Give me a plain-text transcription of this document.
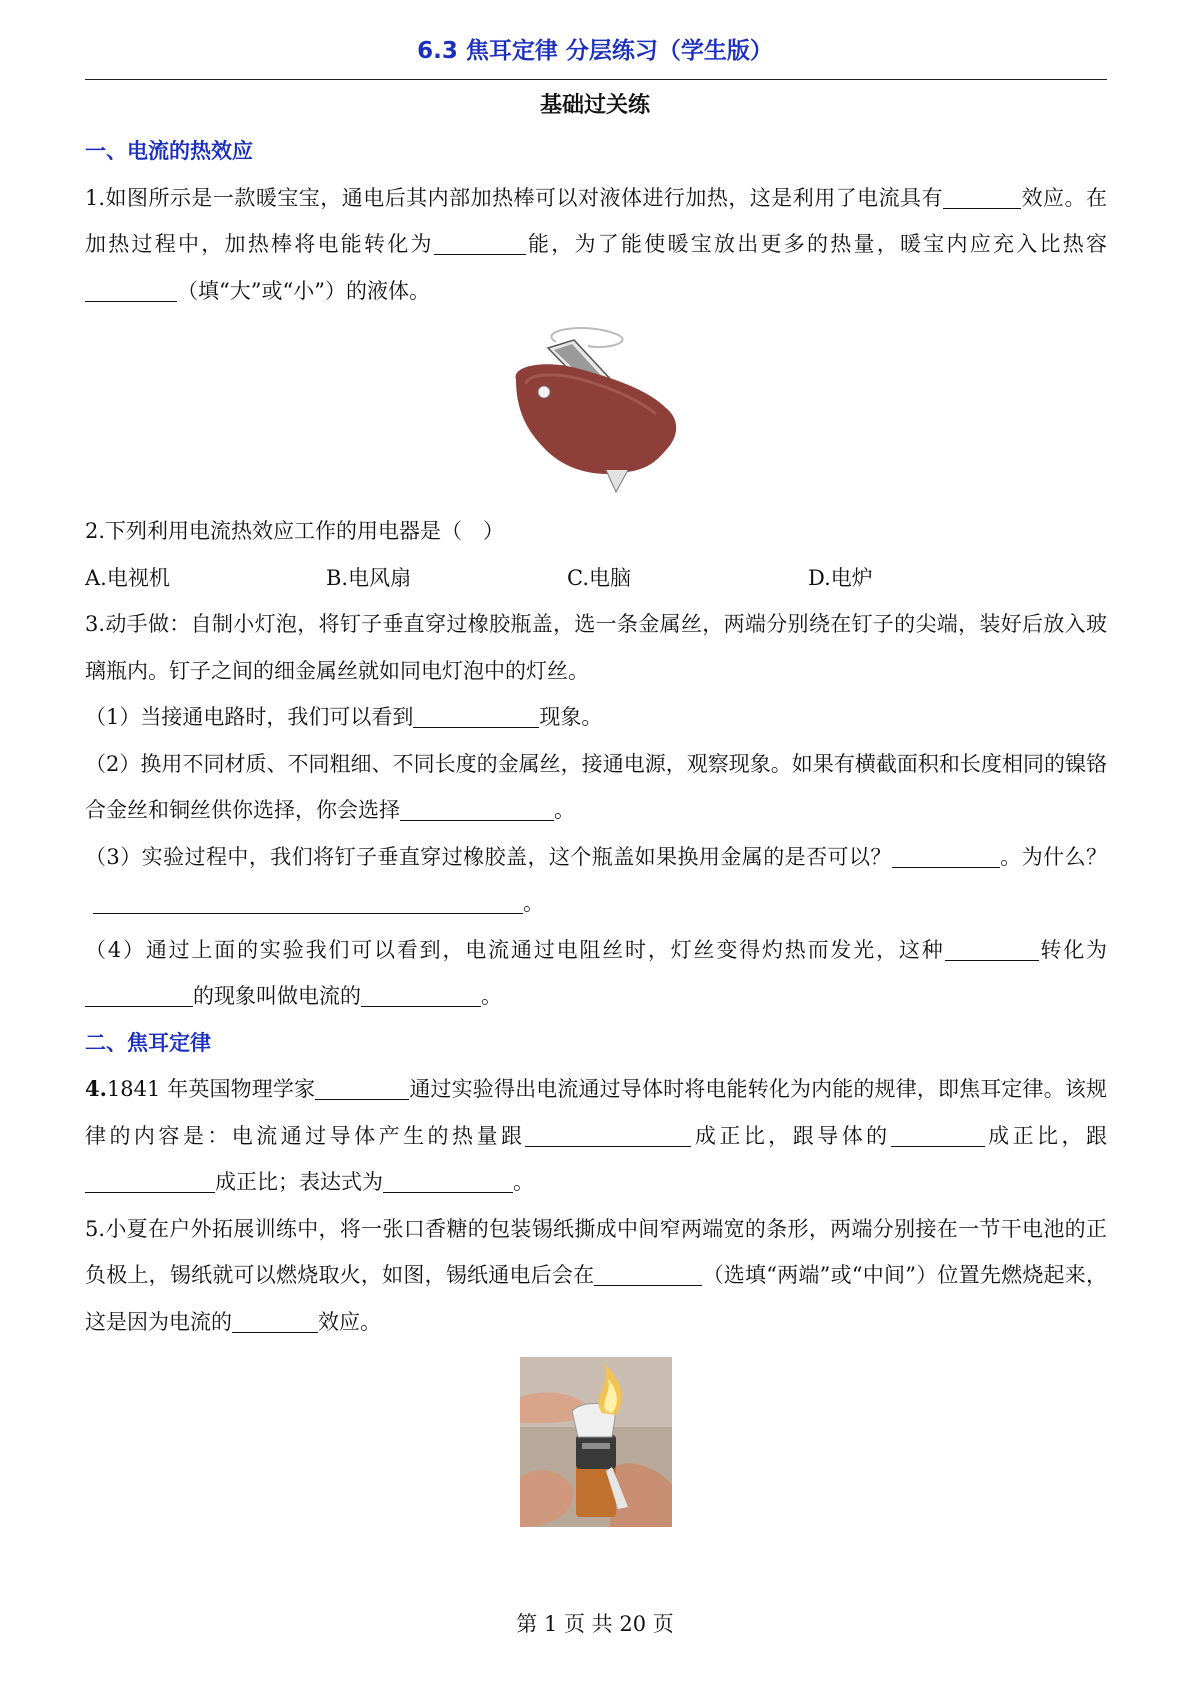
6.3 焦耳定律 分层练习（学生版）
基础过关练

一、电流的热效应

1.如图所示是一款暖宝宝，通电后其内部加热棒可以对液体进行加热，这是利用了电流具有	效应。在加热过程中，加热棒将电能转化为	能，为了能使暖宝放出更多的热量，暖宝内应充入比热容（填“大”或“小”）的液体。

2.下列利用电流热效应工作的用电器是（　）

A.电视机	B.电风扇	C.电脑	D.电炉

3.动手做：自制小灯泡，将钉子垂直穿过橡胶瓶盖，选一条金属丝，两端分别绕在钉子的尖端，装好后放入玻璃瓶内。钉子之间的细金属丝就如同电灯泡中的灯丝。

（1）当接通电路时，我们可以看到	现象。

（2）换用不同材质、不同粗细、不同长度的金属丝，接通电源，观察现象。如果有横截面积和长度相同的镍铬合金丝和铜丝供你选择，你会选择	。

（3）实验过程中，我们将钉子垂直穿过橡胶盖，这个瓶盖如果换用金属的是否可以？	。为什么？。

（4）通过上面的实验我们可以看到，电流通过电阻丝时，灯丝变得灼热而发光，这种	转化为的现象叫做电流的	。

二、焦耳定律

4.1841 年英国物理学家	通过实验得出电流通过导体时将电能转化为内能的规律，即焦耳定律。该规律的内容是：电流通过导体产生的热量跟	成正比，跟导体的	成正比，跟成正比；表达式为	。

5.小夏在户外拓展训练中，将一张口香糖的包装锡纸撕成中间窄两端宽的条形，两端分别接在一节干电池的正负极上，锡纸就可以燃烧取火，如图，锡纸通电后会在	（选填“两端”或“中间”）位置先燃烧起来，这是因为电流的	效应。

第 1 页 共 20 页
